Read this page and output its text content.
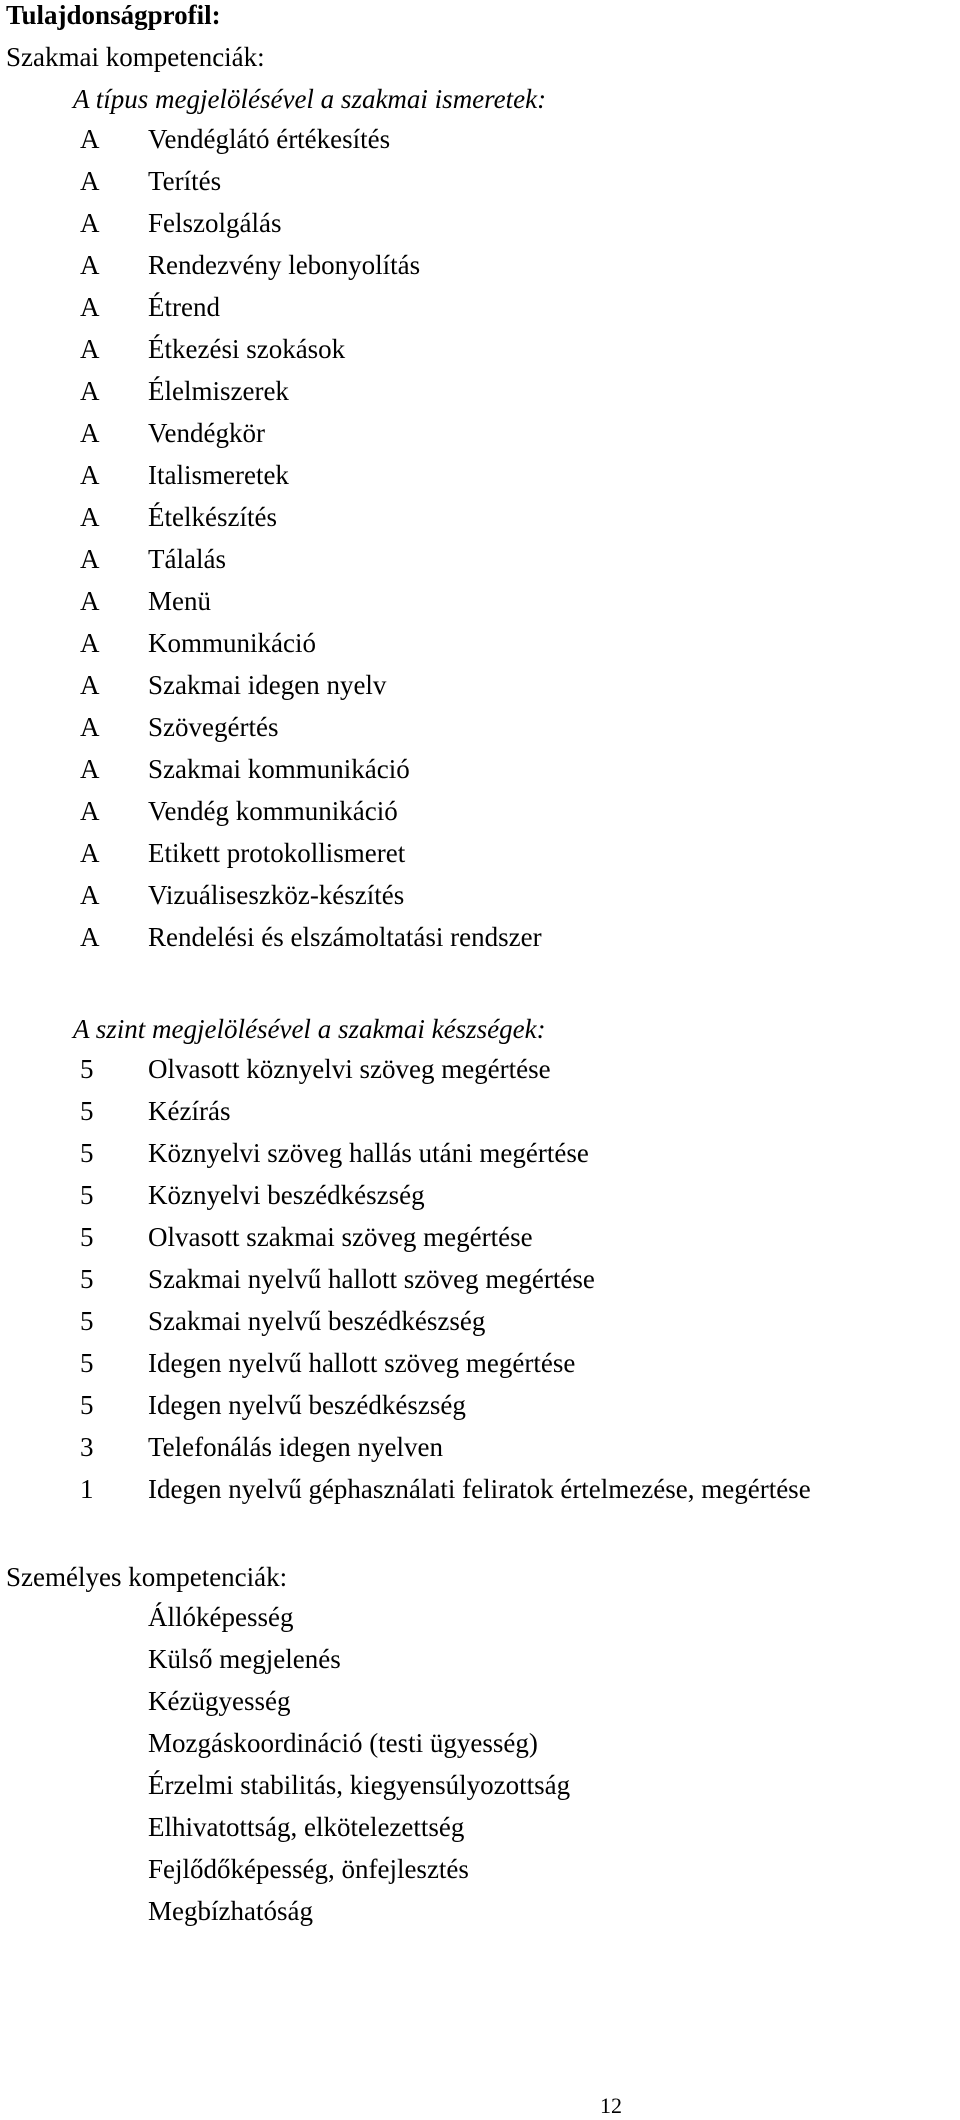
Tulajdonságprofil:
Szakmai kompetenciák:
A típus megjelölésével a szakmai ismeretek:
A Vendéglátó értékesítés
A Terítés
A Felszolgálás
A Rendezvény lebonyolítás
A Étrend
A Étkezési szokások
A Élelmiszerek
A Vendégkör
A Italismeretek
A Ételkészítés
A Tálalás
A Menü
A Kommunikáció
A Szakmai idegen nyelv
A Szövegértés
A Szakmai kommunikáció
A Vendég kommunikáció
A Etikett protokollismeret
A Vizuáliseszköz-készítés
A Rendelési és elszámoltatási rendszer
A szint megjelölésével a szakmai készségek:
5 Olvasott köznyelvi szöveg megértése
5 Kézírás
5 Köznyelvi szöveg hallás utáni megértése
5 Köznyelvi beszédkészség
5 Olvasott szakmai szöveg megértése
5 Szakmai nyelvű hallott szöveg megértése
5 Szakmai nyelvű beszédkészség
5 Idegen nyelvű hallott szöveg megértése
5 Idegen nyelvű beszédkészség
3 Telefonálás idegen nyelven
1 Idegen nyelvű géphasználati feliratok értelmezése, megértése
Személyes kompetenciák:
Állóképesség
Külső megjelenés
Kézügyesség
Mozgáskoordináció (testi ügyesség)
Érzelmi stabilitás, kiegyensúlyozottság
Elhivatottság, elkötelezettség
Fejlődőképesség, önfejlesztés
Megbízhatóság
12
